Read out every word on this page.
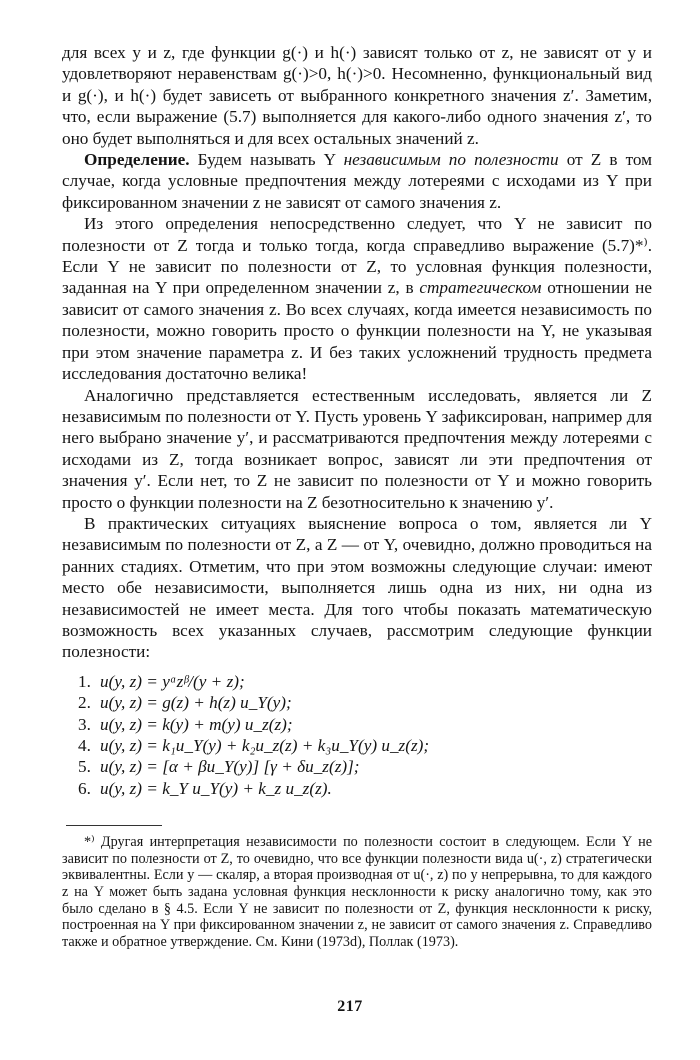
для всех y и z, где функции g(·) и h(·) зависят только от z, не зависят от y и удовлетворяют неравенствам g(·)>0, h(·)>0. Несомненно, функциональный вид и g(·), и h(·) будет зависеть от выбранного конкретного значения z′. Заметим, что, если выражение (5.7) выполняется для какого-либо одного значения z′, то оно будет выполняться и для всех остальных значений z.

Определение. Будем называть Y независимым по полезности от Z в том случае, когда условные предпочтения между лотереями с исходами из Y при фиксированном значении z не зависят от самого значения z.

Из этого определения непосредственно следует, что Y не зависит по полезности от Z тогда и только тогда, когда справедливо выражение (5.7)*⁾. Если Y не зависит по полезности от Z, то условная функция полезности, заданная на Y при определенном значении z, в стратегическом отношении не зависит от самого значения z. Во всех случаях, когда имеется независимость по полезности, можно говорить просто о функции полезности на Y, не указывая при этом значение параметра z. И без таких усложнений трудность предмета исследования достаточно велика!

Аналогично представляется естественным исследовать, является ли Z независимым по полезности от Y. Пусть уровень Y зафиксирован, например для него выбрано значение y′, и рассматриваются предпочтения между лотереями с исходами из Z, тогда возникает вопрос, зависят ли эти предпочтения от значения y′. Если нет, то Z не зависит по полезности от Y и можно говорить просто о функции полезности на Z безотносительно к значению y′.

В практических ситуациях выяснение вопроса о том, является ли Y независимым по полезности от Z, а Z — от Y, очевидно, должно проводиться на ранних стадиях. Отметим, что при этом возможны следующие случаи: имеют место обе независимости, выполняется лишь одна из них, ни одна из независимостей не имеет места. Для того чтобы показать математическую возможность всех указанных случаев, рассмотрим следующие функции полезности:

1. u(y, z) = yᵅzᵝ/(y + z);
2. u(y, z) = g(z) + h(z) u_Y(y);
3. u(y, z) = k(y) + m(y) u_z(z);
4. u(y, z) = k₁u_Y(y) + k₂u_z(z) + k₃u_Y(y) u_z(z);
5. u(y, z) = [α + βu_Y(y)] [γ + δu_z(z)];
6. u(y, z) = k_Y u_Y(y) + k_z u_z(z).

*⁾ Другая интерпретация независимости по полезности состоит в следующем. Если Y не зависит по полезности от Z, то очевидно, что все функции полезности вида u(·, z) стратегически эквивалентны. Если y — скаляр, а вторая производная от u(·, z) по y непрерывна, то для каждого z на Y может быть задана условная функция несклонности к риску аналогично тому, как это было сделано в § 4.5. Если Y не зависит по полезности от Z, функция несклонности к риску, построенная на Y при фиксированном значении z, не зависит от самого значения z. Справедливо также и обратное утверждение. См. Кини (1973d), Поллак (1973).

217
